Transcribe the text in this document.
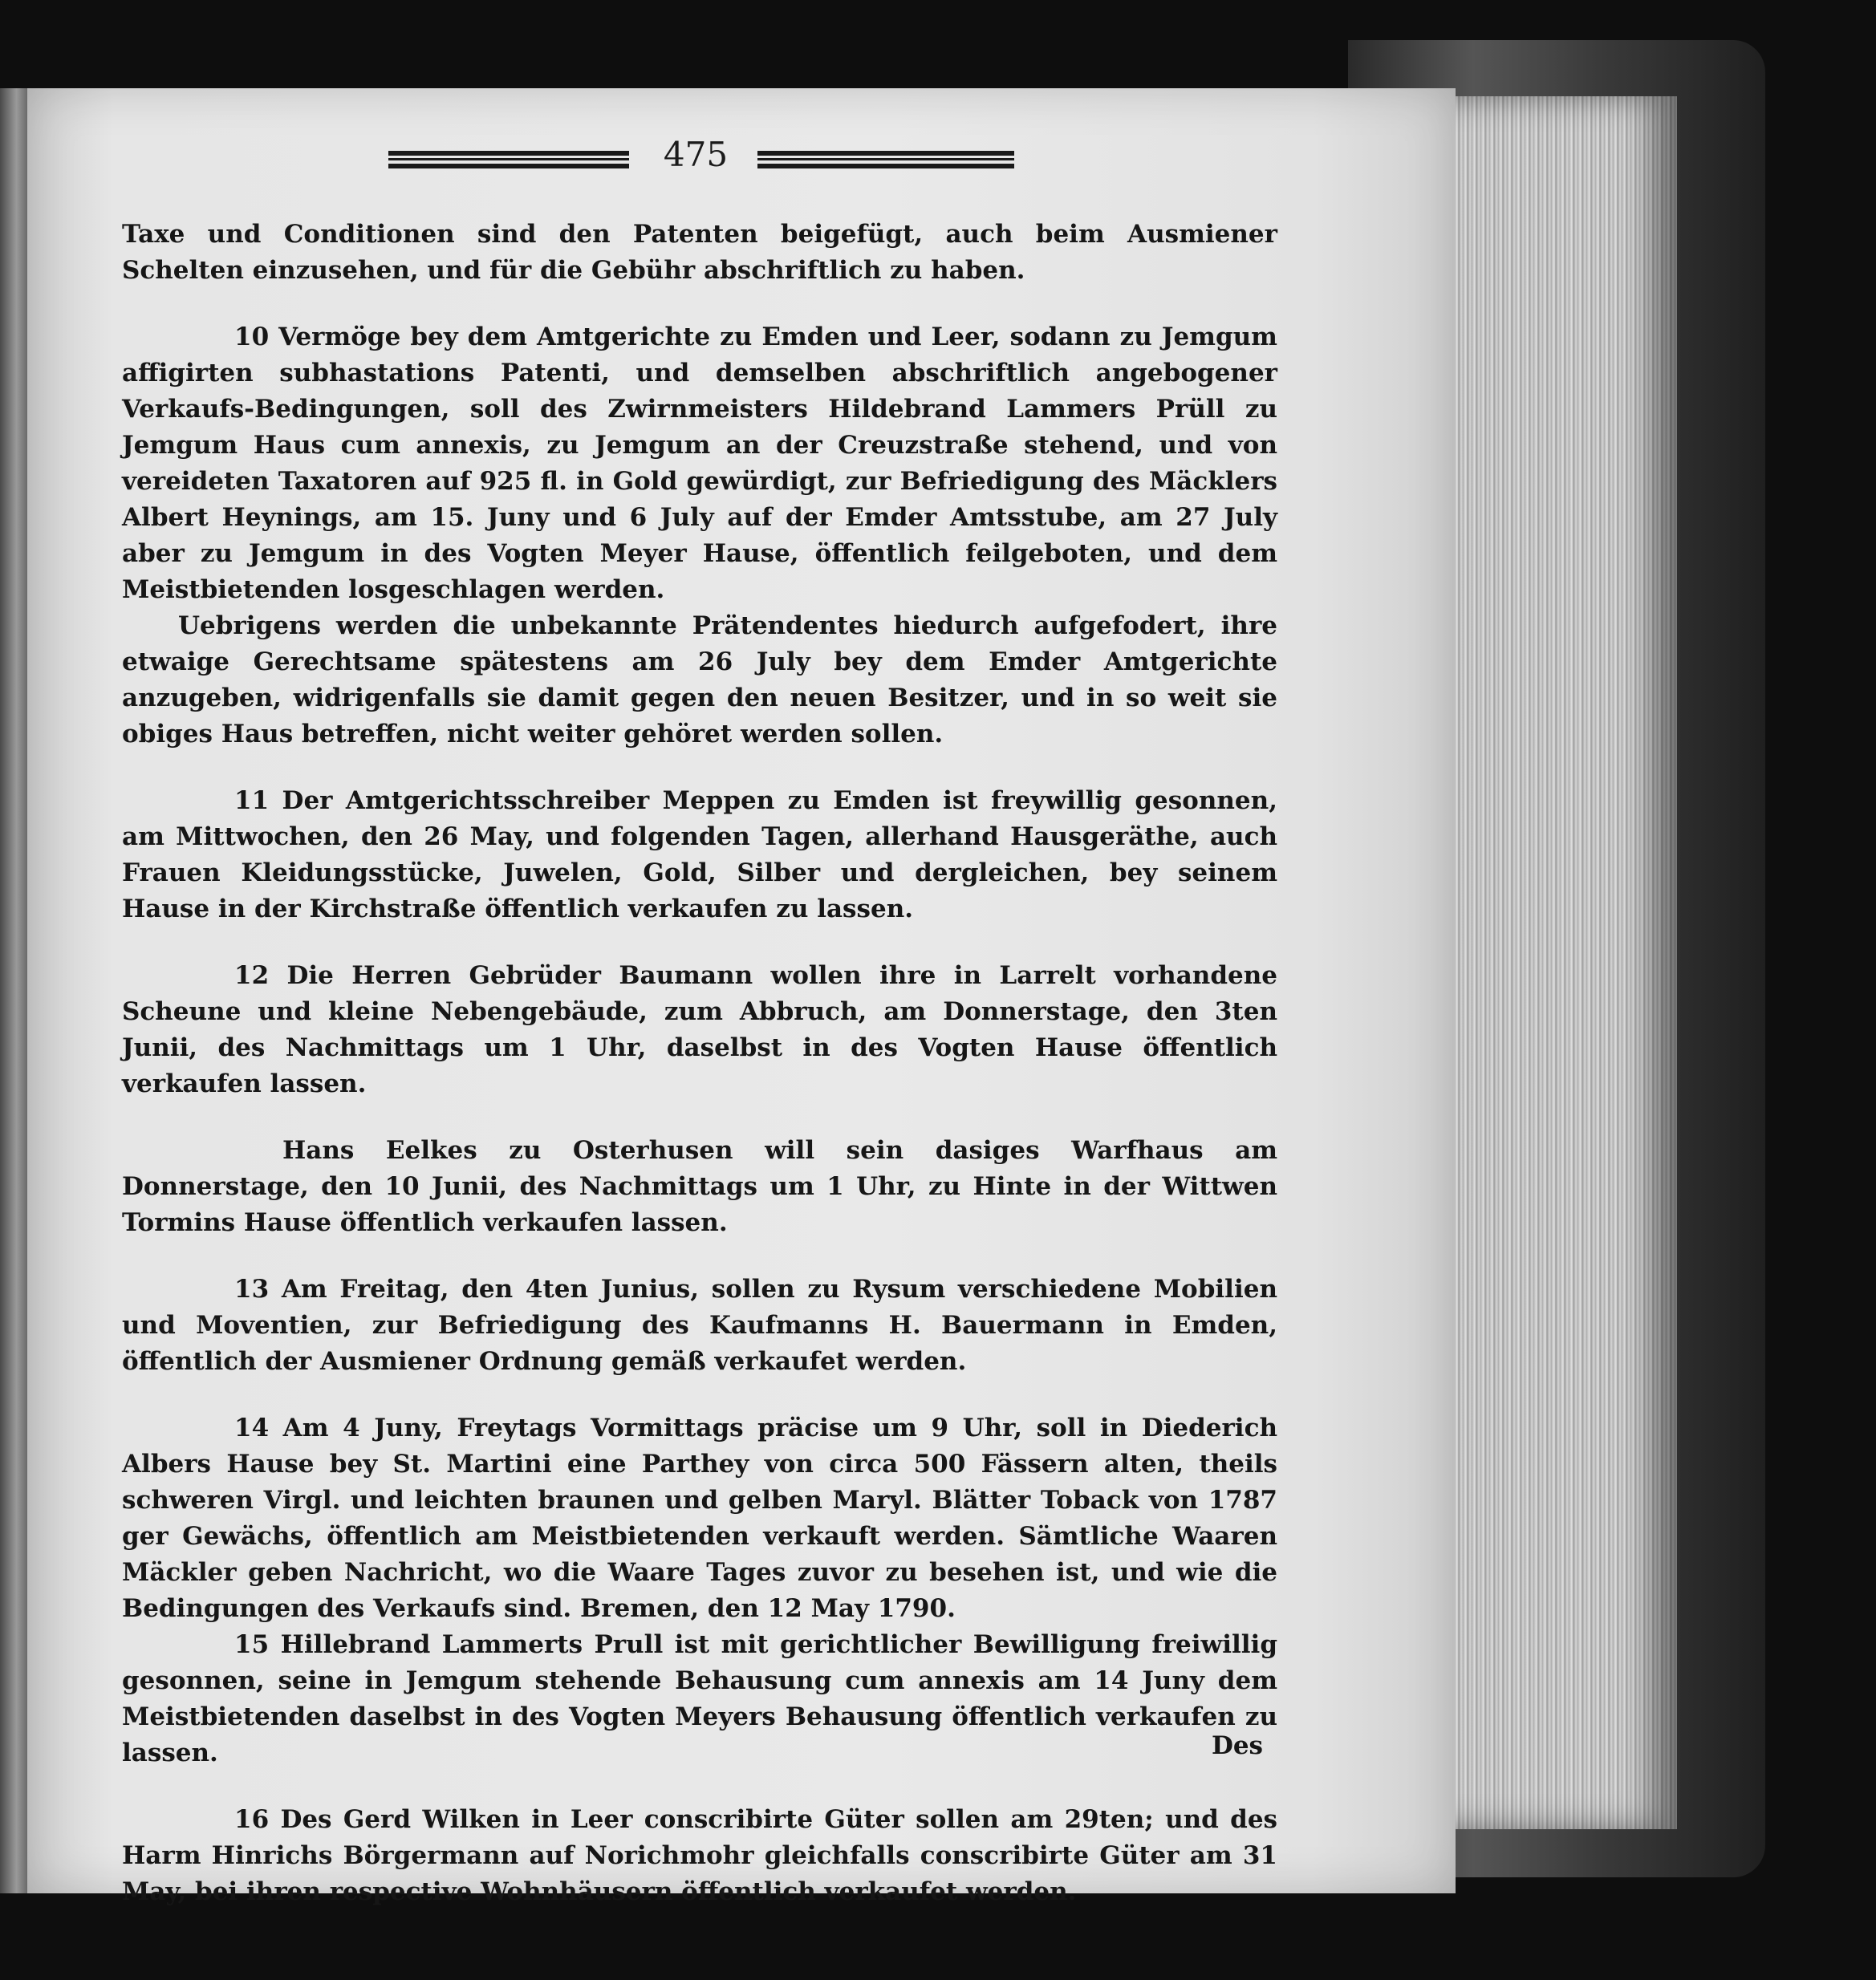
475

Taxe und Conditionen sind den Patenten beigefügt, auch beim Ausmiener Schelten einzusehen, und für die Gebühr abschriftlich zu haben.

10 Vermöge bey dem Amtgerichte zu Emden und Leer, sodann zu Jemgum affigirten subhastations Patenti, und demselben abschriftlich angebogener Verkaufs-Bedingungen, soll des Zwirnmeisters Hildebrand Lammers Prüll zu Jemgum Haus cum annexis, zu Jemgum an der Creuzstraße stehend, und von vereideten Taxatoren auf 925 fl. in Gold gewürdigt, zur Befriedigung des Mäcklers Albert Heynings, am 15. Juny und 6 July auf der Emder Amtsstube, am 27 July aber zu Jemgum in des Vogten Meyer Hause, öffentlich feilgeboten, und dem Meistbietenden losgeschlagen werden.

Uebrigens werden die unbekannte Prätendentes hiedurch aufgefodert, ihre etwaige Gerechtsame spätestens am 26 July bey dem Emder Amtgerichte anzugeben, widrigenfalls sie damit gegen den neuen Besitzer, und in so weit sie obiges Haus betreffen, nicht weiter gehöret werden sollen.

11 Der Amtgerichtsschreiber Meppen zu Emden ist freywillig gesonnen, am Mittwochen, den 26 May, und folgenden Tagen, allerhand Hausgeräthe, auch Frauen Kleidungsstücke, Juwelen, Gold, Silber und dergleichen, bey seinem Hause in der Kirchstraße öffentlich verkaufen zu lassen.

12 Die Herren Gebrüder Baumann wollen ihre in Larrelt vorhandene Scheune und kleine Nebengebäude, zum Abbruch, am Donnerstage, den 3ten Junii, des Nachmittags um 1 Uhr, daselbst in des Vogten Hause öffentlich verkaufen lassen.

Hans Eelkes zu Osterhusen will sein dasiges Warfhaus am Donnerstage, den 10 Junii, des Nachmittags um 1 Uhr, zu Hinte in der Wittwen Tormins Hause öffentlich verkaufen lassen.

13 Am Freitag, den 4ten Junius, sollen zu Rysum verschiedene Mobilien und Moventien, zur Befriedigung des Kaufmanns H. Bauermann in Emden, öffentlich der Ausmiener Ordnung gemäß verkaufet werden.

14 Am 4 Juny, Freytags Vormittags präcise um 9 Uhr, soll in Diederich Albers Hause bey St. Martini eine Parthey von circa 500 Fässern alten, theils schweren Virgl. und leichten braunen und gelben Maryl. Blätter Toback von 1787 ger Gewächs, öffentlich am Meistbietenden verkauft werden. Sämtliche Waaren Mäckler geben Nachricht, wo die Waare Tages zuvor zu besehen ist, und wie die Bedingungen des Verkaufs sind. Bremen, den 12 May 1790.

15 Hillebrand Lammerts Prull ist mit gerichtlicher Bewilligung freiwillig gesonnen, seine in Jemgum stehende Behausung cum annexis am 14 Juny dem Meistbietenden daselbst in des Vogten Meyers Behausung öffentlich verkaufen zu lassen.

16 Des Gerd Wilken in Leer conscribirte Güter sollen am 29ten; und des Harm Hinrichs Börgermann auf Norichmohr gleichfalls conscribirte Güter am 31 May, bei ihren respective Wohnhäusern öffentlich verkaufet werden.

Des
